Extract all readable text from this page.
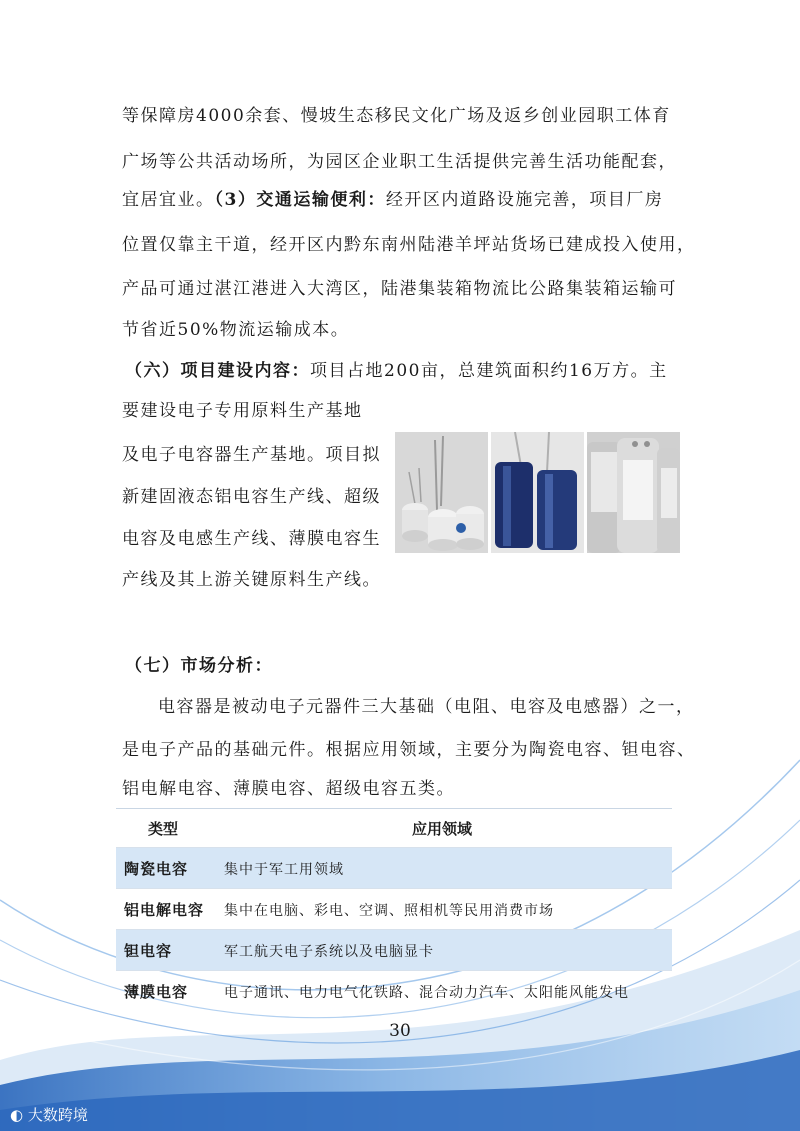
等保障房4000余套、慢坡生态移民文化广场及返乡创业园职工体育
广场等公共活动场所，为园区企业职工生活提供完善生活功能配套，
宜居宜业。（3）交通运输便利：经开区内道路设施完善，项目厂房
位置仅靠主干道，经开区内黔东南州陆港羊坪站货场已建成投入使用，
产品可通过湛江港进入大湾区，陆港集装箱物流比公路集装箱运输可
节省近50%物流运输成本。
（六）项目建设内容：项目占地200亩，总建筑面积约16万方。主
要建设电子专用原料生产基地
及电子电容器生产基地。项目拟
新建固液态铝电容生产线、超级
电容及电感生产线、薄膜电容生
产线及其上游关键原料生产线。
（七）市场分析：
电容器是被动电子元器件三大基础（电阻、电容及电感器）之一，
是电子产品的基础元件。根据应用领域，主要分为陶瓷电容、钽电容、
铝电解电容、薄膜电容、超级电容五类。
类型	应用领域
陶瓷电容	集中于军工用领域
铝电解电容 集中在电脑、彩电、空调、照相机等民用消费市场
钽电容	军工航天电子系统以及电脑显卡
薄膜电容	电子通讯、电力电气化铁路、混合动力汽车、太阳能风能发电
30
◐ 大数跨境
